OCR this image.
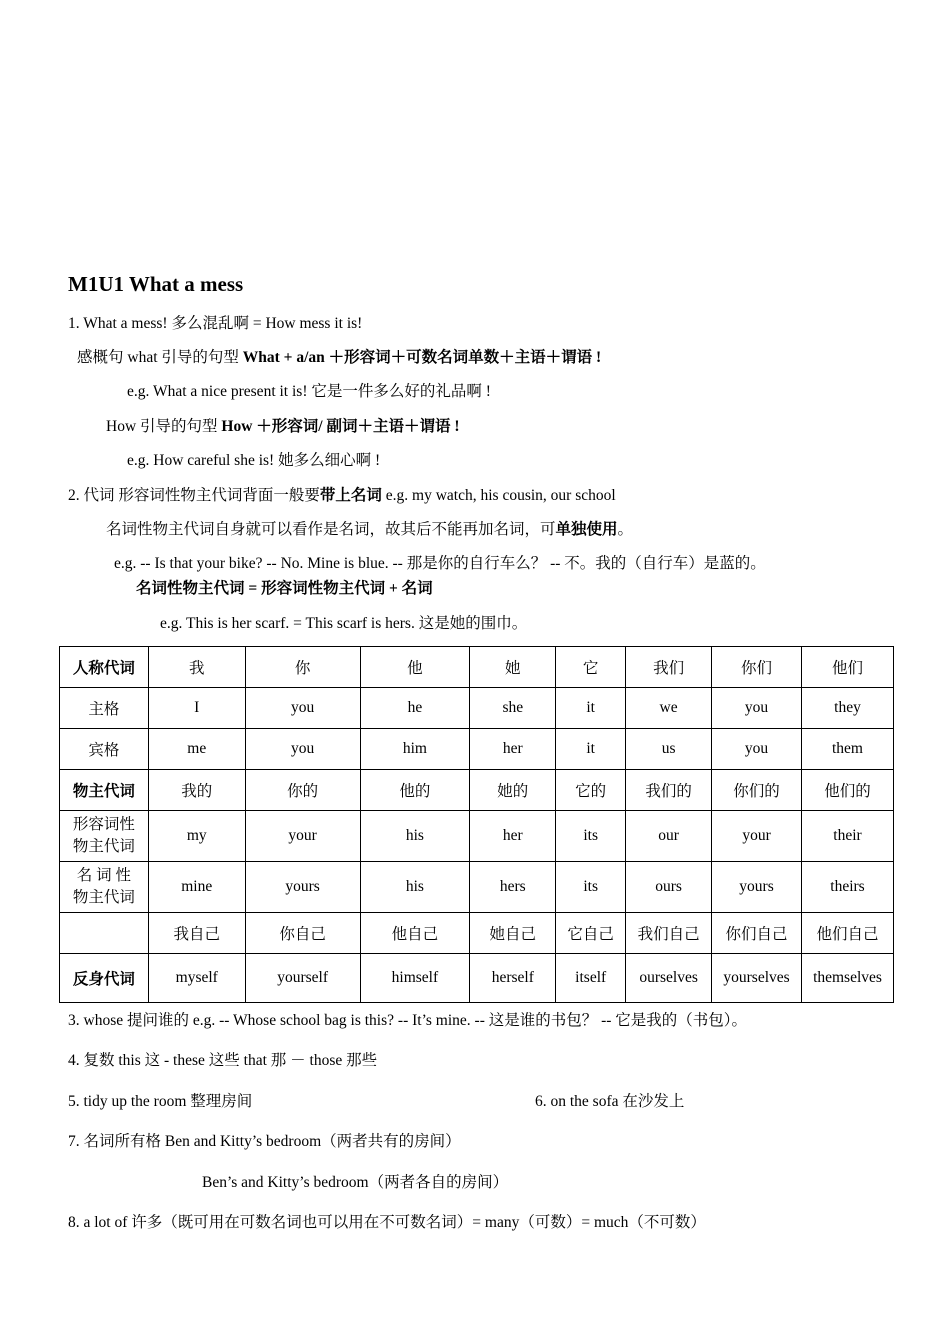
M1U1 What a mess
1. What a mess! 多么混乱啊 = How mess it is!
感概句 what 引导的句型 What + a/an ＋形容词＋可数名词单数＋主语＋谓语 !
e.g. What a nice present it is! 它是一件多么好的礼品啊 !
How 引导的句型 How ＋形容词/ 副词＋主语＋谓语 !
e.g. How careful she is! 她多么细心啊 !
2. 代词 形容词性物主代词背面一般要带上名词 e.g. my watch, his cousin, our school
名词性物主代词自身就可以看作是名词，故其后不能再加名词，可单独使用。
e.g. -- Is that your bike? -- No. Mine is blue. -- 那是你的自行车么？ -- 不。我的（自行车）是蓝的。
名词性物主代词 = 形容词性物主代词 + 名词
e.g. This is her scarf. = This scarf is hers. 这是她的围巾。
人称代词	我	你	他	她	它	我们	你们	他们
主格	I	you	he	she	it	we	you	they
宾格	me	you	him	her	it	us	you	them
物主代词	我的	你的	他的	她的	它的	我们的	你们的	他们的
形容词性
物主代词	my	your	his	her	its	our	your	their
名 词 性
物主代词	mine	yours	his	hers	its	ours	yours	theirs
	我自己	你自己	他自己	她自己	它自己	我们自己	你们自己	他们自己
反身代词	myself	yourself	himself	herself	itself	ourselves	yourselves	themselves
3. whose 提问谁的 e.g. -- Whose school bag is this? -- It’s mine. -- 这是谁的书包？ -- 它是我的（书包）。
4. 复数 this 这 - these 这些 that 那 － those 那些
5. tidy up the room 整理房间	6. on the sofa 在沙发上
7. 名词所有格 Ben and Kitty’s bedroom（两者共有的房间）
Ben’s and Kitty’s bedroom（两者各自的房间）
8. a lot of 许多（既可用在可数名词也可以用在不可数名词）= many（可数）= much（不可数）
